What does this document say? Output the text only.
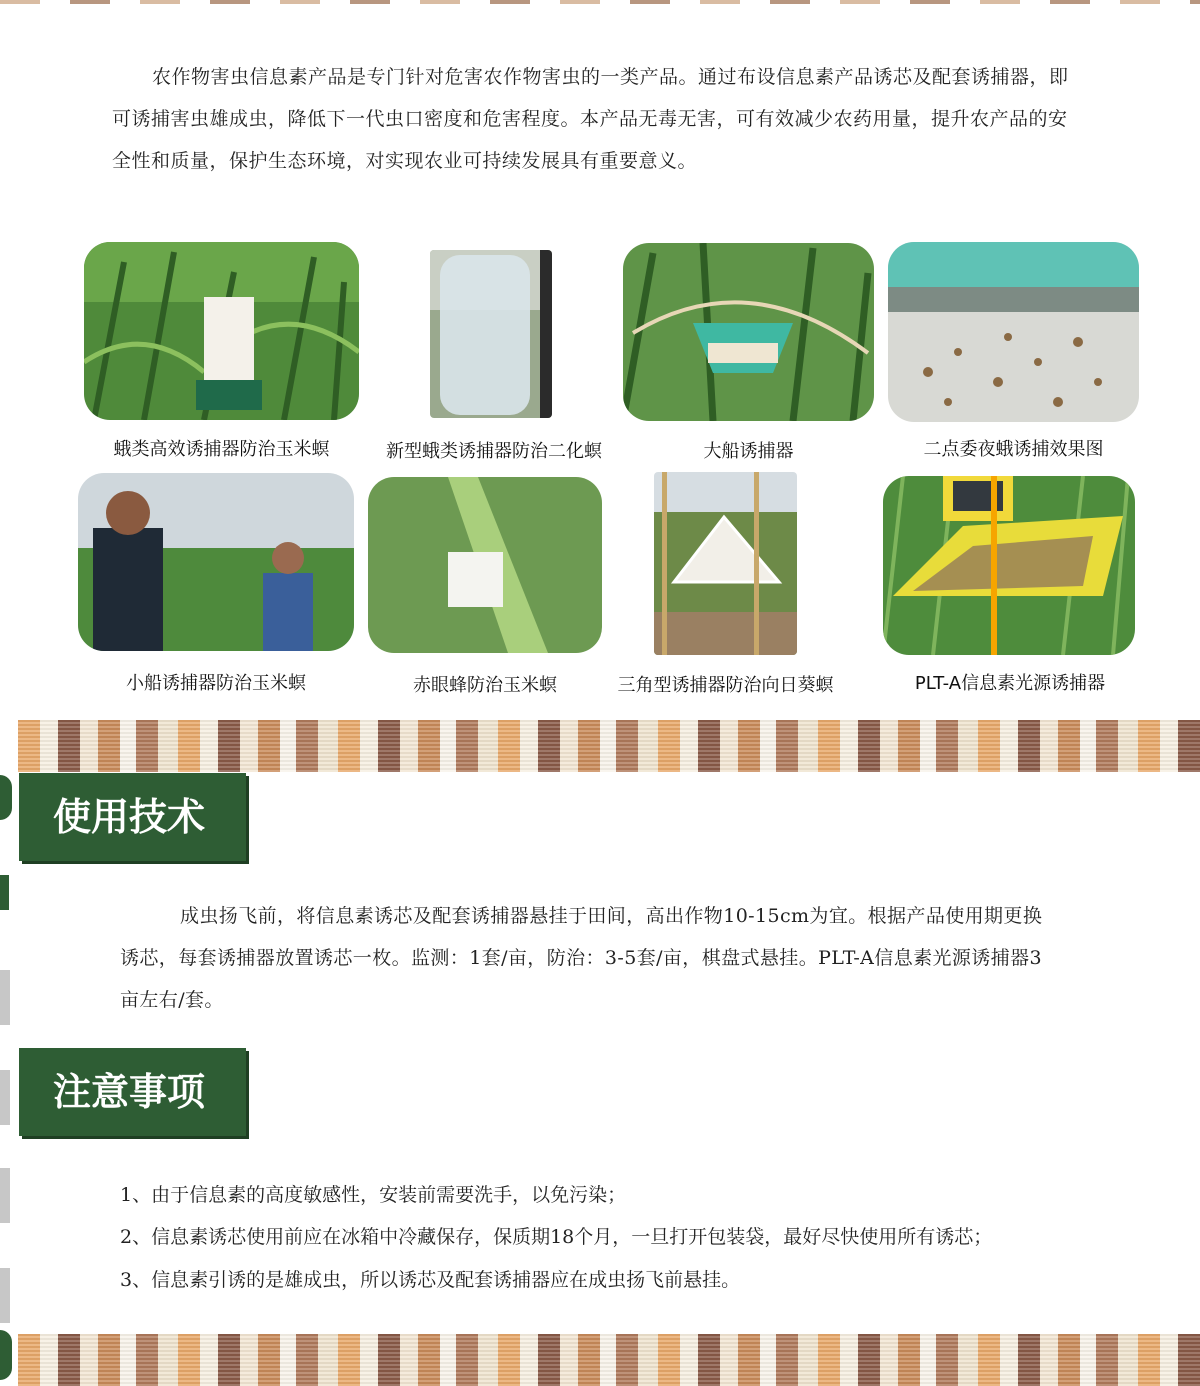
农作物害虫信息素产品是专门针对危害农作物害虫的一类产品。通过布设信息素产品诱芯及配套诱捕器，即可诱捕害虫雄成虫，降低下一代虫口密度和危害程度。本产品无毒无害，可有效减少农药用量，提升农产品的安全性和质量，保护生态环境，对实现农业可持续发展具有重要意义。

蛾类高效诱捕器防治玉米螟	新型蛾类诱捕器防治二化螟	大船诱捕器	二点委夜蛾诱捕效果图
小船诱捕器防治玉米螟	赤眼蜂防治玉米螟	三角型诱捕器防治向日葵螟	PLT-A信息素光源诱捕器
使用技术

成虫扬飞前，将信息素诱芯及配套诱捕器悬挂于田间，高出作物10-15cm为宜。根据产品使用期更换诱芯，每套诱捕器放置诱芯一枚。监测：1套/亩，防治：3-5套/亩，棋盘式悬挂。PLT-A信息素光源诱捕器3亩左右/套。

注意事项
1、由于信息素的高度敏感性，安装前需要洗手，以免污染；
2、信息素诱芯使用前应在冰箱中冷藏保存，保质期18个月，一旦打开包装袋，最好尽快使用所有诱芯；
3、信息素引诱的是雄成虫，所以诱芯及配套诱捕器应在成虫扬飞前悬挂。
